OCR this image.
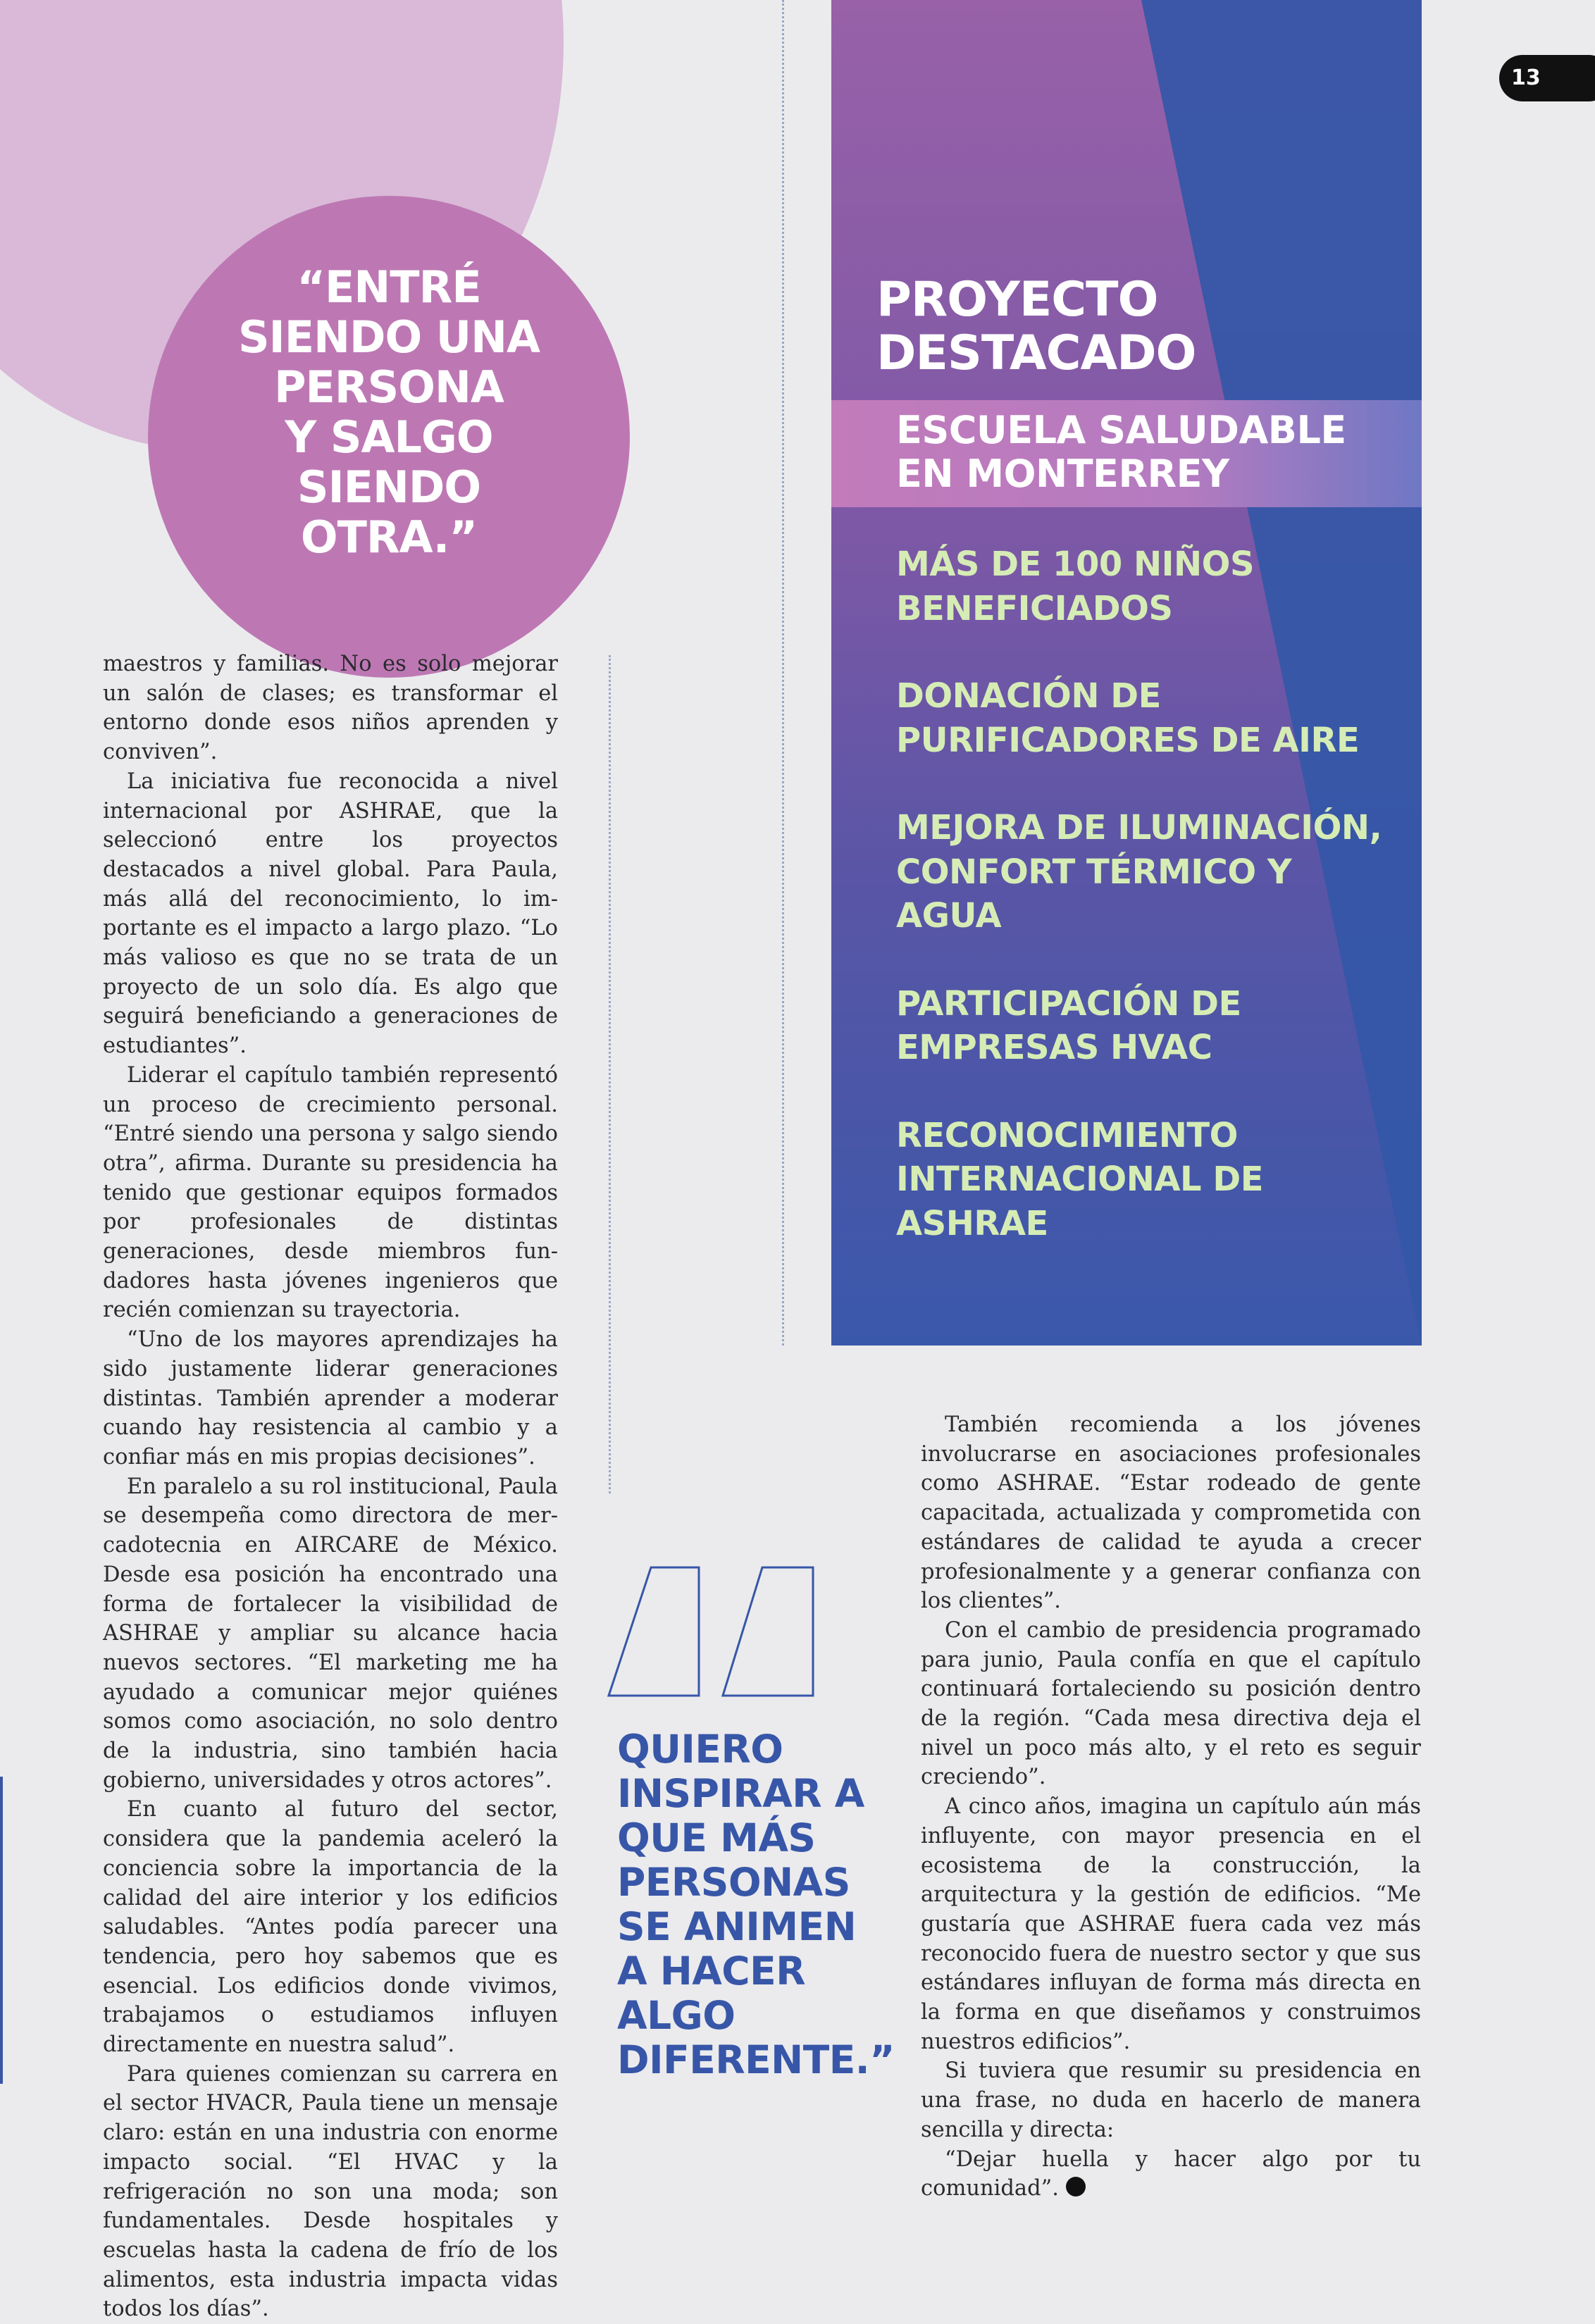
“ENTRÉ
SIENDO UNA
PERSONA
Y SALGO
SIENDO
OTRA.”
13

maestros y familias. No es solo mejorar un salón de clases; es transformar el entorno donde esos niños aprenden y conviven”.

La iniciativa fue reconocida a nivel internacional por ASHRAE, que la seleccionó entre los proyectos destacados a nivel global. Para Paula, más allá del reconocimiento, lo importante es el impacto a largo plazo. “Lo más valioso es que no se trata de un proyecto de un solo día. Es algo que seguirá beneficiando a generaciones de estudiantes”.

Liderar el capítulo también representó un proceso de crecimiento personal. “Entré siendo una persona y salgo siendo otra”, afirma. Durante su presidencia ha tenido que gestionar equipos formados por profesionales de distintas generaciones, desde miembros fundadores hasta jóvenes ingenieros que recién comienzan su trayectoria.

“Uno de los mayores aprendizajes ha sido justamente liderar generaciones distintas. También aprender a moderar cuando hay resistencia al cambio y a confiar más en mis propias decisiones”.

En paralelo a su rol institucional, Paula se desempeña como directora de mercadotecnia en AIRCARE de México. Desde esa posición ha encontrado una forma de fortalecer la visibilidad de ASHRAE y ampliar su alcance hacia nuevos sectores. “El marketing me ha ayudado a comunicar mejor quiénes somos como asociación, no solo dentro de la industria, sino también hacia gobierno, universidades y otros actores”.

En cuanto al futuro del sector, considera que la pandemia aceleró la conciencia sobre la importancia de la calidad del aire interior y los edificios saludables. “Antes podía parecer una tendencia, pero hoy sabemos que es esencial. Los edificios donde vivimos, trabajamos o estudiamos influyen directamente en nuestra salud”.

Para quienes comienzan su carrera en el sector HVACR, Paula tiene un mensaje claro: están en una industria con enorme impacto social. “El HVAC y la refrigeración no son una moda; son fundamentales. Desde hospitales y escuelas hasta la cadena de frío de los alimentos, esta industria impacta vidas todos los días”.

PROYECTO
DESTACADO
ESCUELA SALUDABLE
EN MONTERREY
MÁS DE 100 NIÑOS
BENEFICIADOS
DONACIÓN DE
PURIFICADORES DE AIRE
MEJORA DE ILUMINACIÓN,
CONFORT TÉRMICO Y
AGUA
PARTICIPACIÓN DE
EMPRESAS HVAC
RECONOCIMIENTO
INTERNACIONAL DE
ASHRAE
QUIERO
INSPIRAR A
QUE MÁS
PERSONAS
SE ANIMEN
A HACER
ALGO
DIFERENTE.”

También recomienda a los jóvenes involucrarse en asociaciones profesionales como ASHRAE. “Estar rodeado de gente capacitada, actualizada y comprometida con estándares de calidad te ayuda a crecer profesionalmente y a generar confianza con los clientes”.

Con el cambio de presidencia programado para junio, Paula confía en que el capítulo continuará fortaleciendo su posición dentro de la región. “Cada mesa directiva deja el nivel un poco más alto, y el reto es seguir creciendo”.

A cinco años, imagina un capítulo aún más influyente, con mayor presencia en el ecosistema de la construcción, la arquitectura y la gestión de edificios. “Me gustaría que ASHRAE fuera cada vez más reconocido fuera de nuestro sector y que sus estándares influyan de forma más directa en la forma en que diseñamos y construimos nuestros edificios”.

Si tuviera que resumir su presidencia en una frase, no duda en hacerlo de manera sencilla y directa:

“Dejar huella y hacer algo por tu comunidad”.
